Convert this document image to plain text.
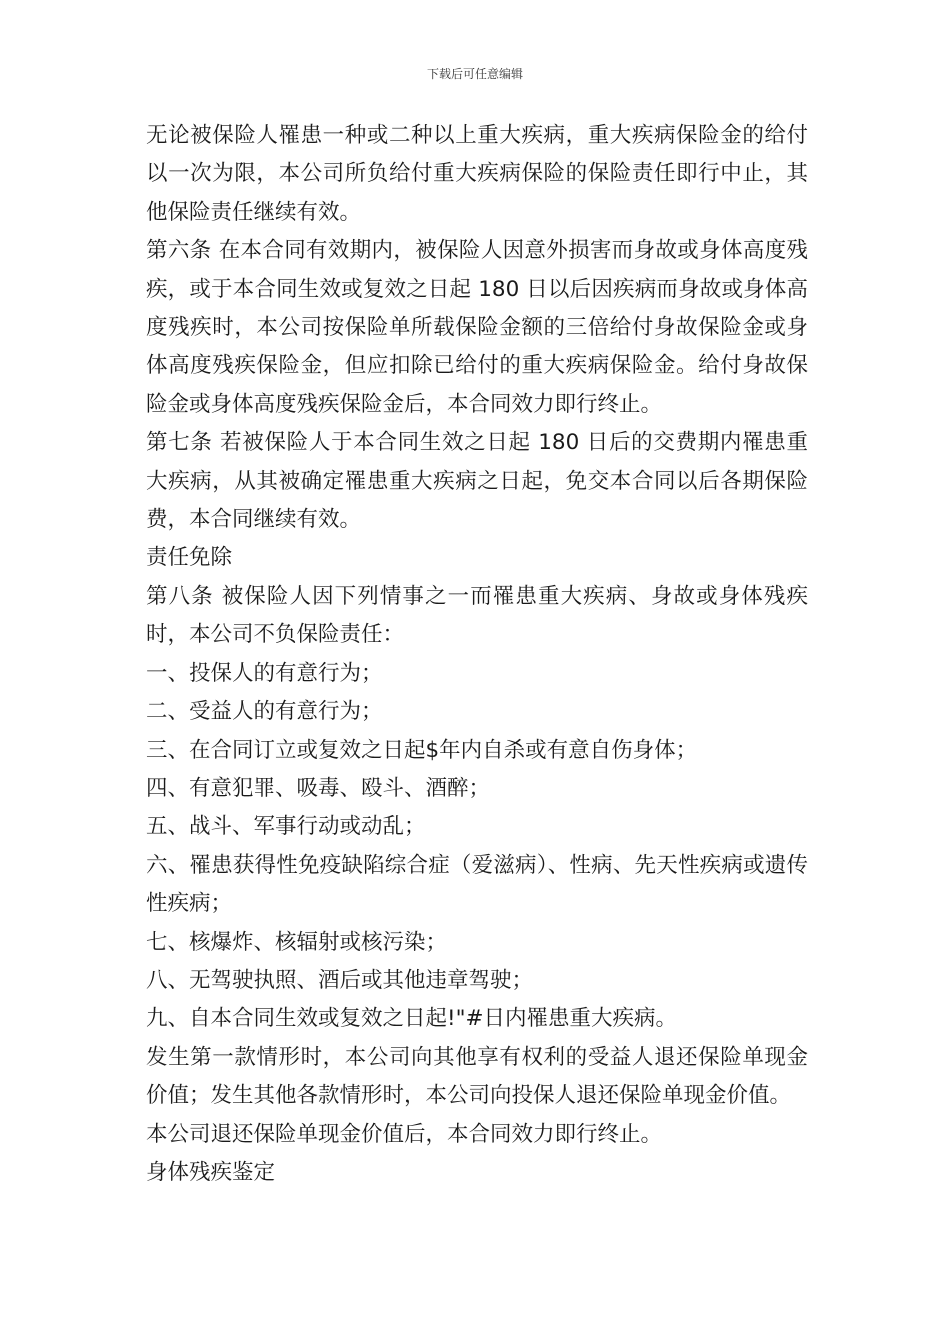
下载后可任意编辑

无论被保险人罹患一种或二种以上重大疾病，重大疾病保险金的给付以一次为限，本公司所负给付重大疾病保险的保险责任即行中止，其他保险责任继续有效。

第六条 在本合同有效期内，被保险人因意外损害而身故或身体高度残疾，或于本合同生效或复效之日起 180 日以后因疾病而身故或身体高度残疾时，本公司按保险单所载保险金额的三倍给付身故保险金或身体高度残疾保险金，但应扣除已给付的重大疾病保险金。给付身故保险金或身体高度残疾保险金后，本合同效力即行终止。

第七条 若被保险人于本合同生效之日起 180 日后的交费期内罹患重大疾病，从其被确定罹患重大疾病之日起，免交本合同以后各期保险费，本合同继续有效。

责任免除

第八条 被保险人因下列情事之一而罹患重大疾病、身故或身体残疾时，本公司不负保险责任：

一、投保人的有意行为；

二、受益人的有意行为；

三、在合同订立或复效之日起$年内自杀或有意自伤身体；

四、有意犯罪、吸毒、殴斗、酒醉；

五、战斗、军事行动或动乱；

六、罹患获得性免疫缺陷综合症（爱滋病）、性病、先天性疾病或遗传性疾病；

七、核爆炸、核辐射或核污染；

八、无驾驶执照、酒后或其他违章驾驶；

九、自本合同生效或复效之日起!"#日内罹患重大疾病。

发生第一款情形时，本公司向其他享有权利的受益人退还保险单现金价值；发生其他各款情形时，本公司向投保人退还保险单现金价值。

本公司退还保险单现金价值后，本合同效力即行终止。

身体残疾鉴定
